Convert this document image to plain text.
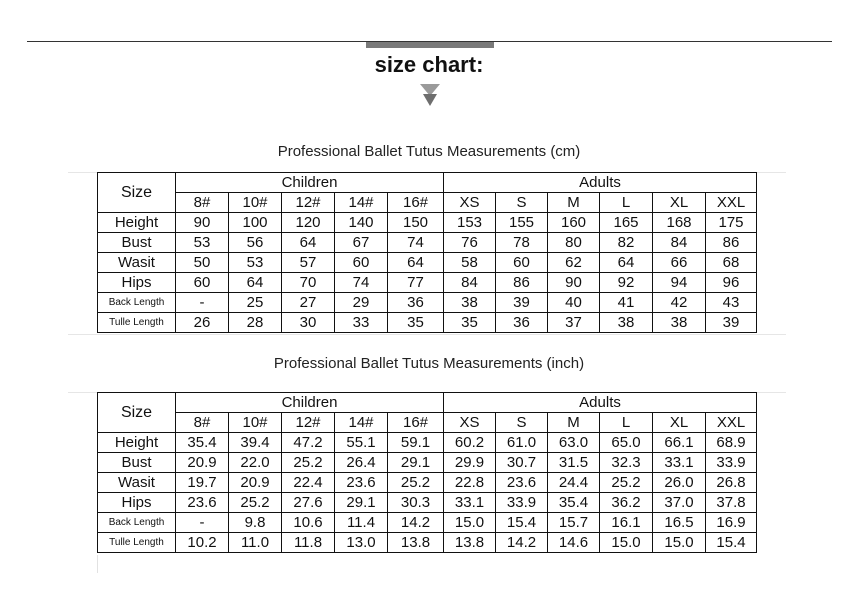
size chart:
Professional Ballet Tutus Measurements (cm)
Size	Children					Adults					
	8#	10#	12#	14#	16#	XS	S	M	L	XL	XXL
Height	90	100	120	140	150	153	155	160	165	168	175
Bust	53	56	64	67	74	76	78	80	82	84	86
Wasit	50	53	57	60	64	58	60	62	64	66	68
Hips	60	64	70	74	77	84	86	90	92	94	96
Back Length	-	25	27	29	36	38	39	40	41	42	43
Tulle Length	26	28	30	33	35	35	36	37	38	38	39
Professional Ballet Tutus Measurements (inch)
Size	Children					Adults					
	8#	10#	12#	14#	16#	XS	S	M	L	XL	XXL
Height	35.4	39.4	47.2	55.1	59.1	60.2	61.0	63.0	65.0	66.1	68.9
Bust	20.9	22.0	25.2	26.4	29.1	29.9	30.7	31.5	32.3	33.1	33.9
Wasit	19.7	20.9	22.4	23.6	25.2	22.8	23.6	24.4	25.2	26.0	26.8
Hips	23.6	25.2	27.6	29.1	30.3	33.1	33.9	35.4	36.2	37.0	37.8
Back Length	-	9.8	10.6	11.4	14.2	15.0	15.4	15.7	16.1	16.5	16.9
Tulle Length	10.2	11.0	11.8	13.0	13.8	13.8	14.2	14.6	15.0	15.0	15.4
